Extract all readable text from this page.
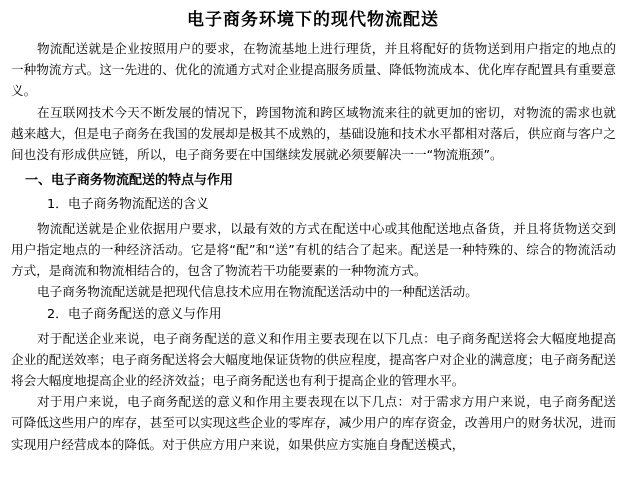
电子商务环境下的现代物流配送

物流配送就是企业按照用户的要求，在物流基地上进行理货，并且将配好的货物送到用户指定的地点的一种物流方式。这一先进的、优化的流通方式对企业提高服务质量、降低物流成本、优化库存配置具有重要意义。

在互联网技术今天不断发展的情况下，跨国物流和跨区域物流来往的就更加的密切，对物流的需求也就越来越大，但是电子商务在我国的发展却是极其不成熟的，基础设施和技术水平都相对落后，供应商与客户之间也没有形成供应链，所以，电子商务要在中国继续发展就必须要解决一一“物流瓶颈”。

一、电子商务物流配送的特点与作用
1．电子商务物流配送的含义

物流配送就是企业依据用户要求，以最有效的方式在配送中心或其他配送地点备货，并且将货物送交到用户指定地点的一种经济活动。它是将“配”和“送”有机的结合了起来。配送是一种特殊的、综合的物流活动方式，是商流和物流相结合的，包含了物流若干功能要素的一种物流方式。

电子商务物流配送就是把现代信息技术应用在物流配送活动中的一种配送活动。

2．电子商务配送的意义与作用

对于配送企业来说，电子商务配送的意义和作用主要表现在以下几点：电子商务配送将会大幅度地提高企业的配送效率；电子商务配送将会大幅度地保证货物的供应程度，提高客户对企业的满意度；电子商务配送将会大幅度地提高企业的经济效益；电子商务配送也有利于提高企业的管理水平。

对于用户来说，电子商务配送的意义和作用主要表现在以下几点：对于需求方用户来说，电子商务配送可降低这些用户的库存，甚至可以实现这些企业的零库存，减少用户的库存资金，改善用户的财务状况，进而实现用户经营成本的降低。对于供应方用户来说，如果供应方实施自身配送模式，
